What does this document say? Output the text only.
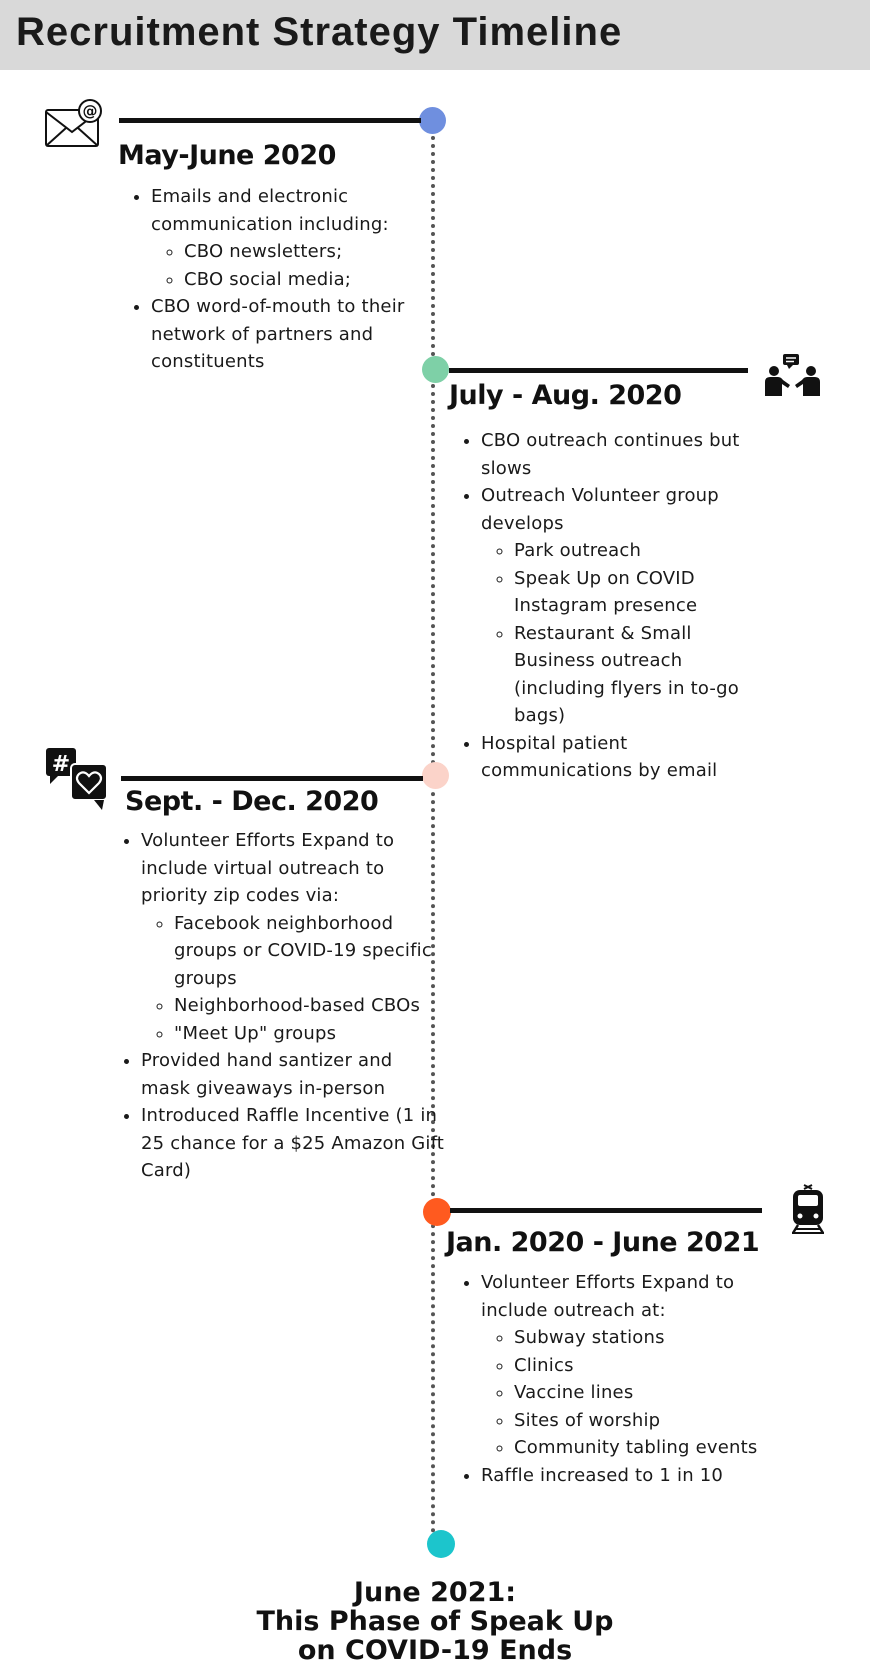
Recruitment Strategy Timeline
@
May-June 2020
• Emails and electronic communication including:
◦ CBO newsletters;
◦ CBO social media;
• CBO word-of-mouth to their network of partners and constituents
July - Aug. 2020
• CBO outreach continues but slows
• Outreach Volunteer group develops
◦ Park outreach
◦ Speak Up on COVID Instagram presence
◦ Restaurant & Small Business outreach (including flyers in to-go bags)
• Hospital patient communications by email
#
Sept. - Dec. 2020
• Volunteer Efforts Expand to include virtual outreach to priority zip codes via:
◦ Facebook neighborhood groups or COVID-19 specific groups
◦ Neighborhood-based CBOs
◦ "Meet Up" groups
• Provided hand santizer and mask giveaways in-person
• Introduced Raffle Incentive (1 in 25 chance for a $25 Amazon Gift Card)
Jan. 2020 - June 2021
• Volunteer Efforts Expand to include outreach at:
◦ Subway stations
◦ Clinics
◦ Vaccine lines
◦ Sites of worship
◦ Community tabling events
• Raffle increased to 1 in 10
June 2021:
This Phase of Speak Up
on COVID-19 Ends
